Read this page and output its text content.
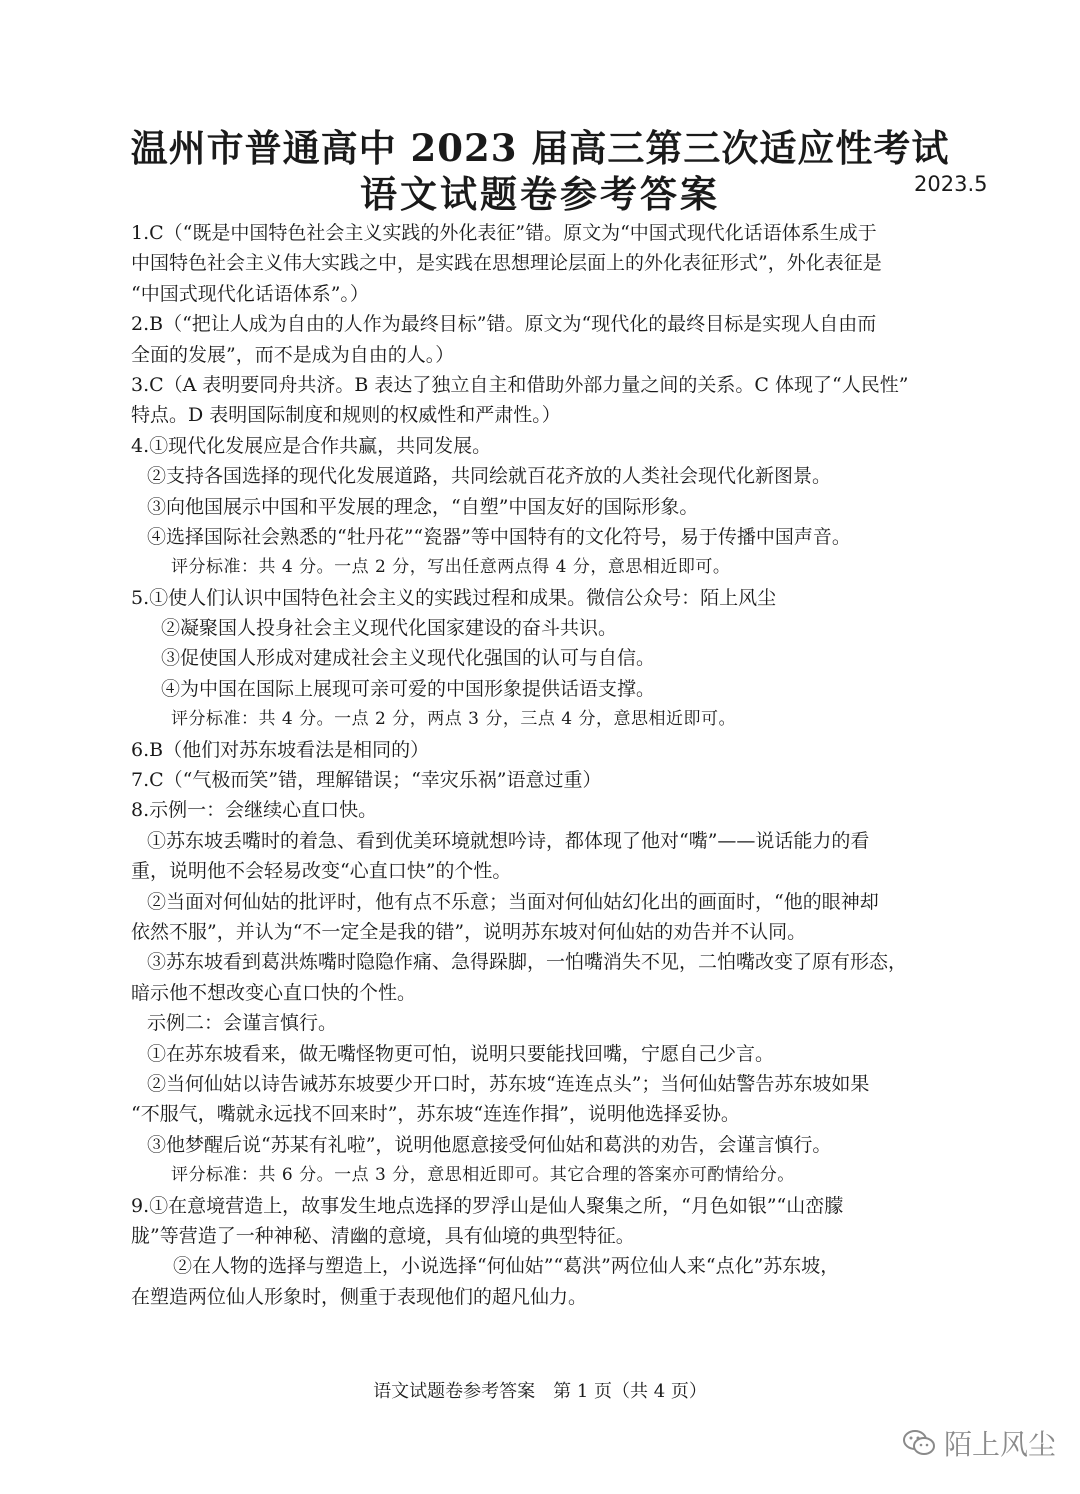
温州市普通高中 2023 届高三第三次适应性考试
语文试题卷参考答案	2023.5
1.C（“既是中国特色社会主义实践的外化表征”错。原文为“中国式现代化话语体系生成于
中国特色社会主义伟大实践之中，是实践在思想理论层面上的外化表征形式”，外化表征是
“中国式现代化话语体系”。）
2.B（“把让人成为自由的人作为最终目标”错。原文为“现代化的最终目标是实现人自由而
全面的发展”，而不是成为自由的人。）
3.C（A 表明要同舟共济。B 表达了独立自主和借助外部力量之间的关系。C 体现了“人民性”
特点。D 表明国际制度和规则的权威性和严肃性。）
4.①现代化发展应是合作共赢，共同发展。
②支持各国选择的现代化发展道路，共同绘就百花齐放的人类社会现代化新图景。
③向他国展示中国和平发展的理念，“自塑”中国友好的国际形象。
④选择国际社会熟悉的“牡丹花”“瓷器”等中国特有的文化符号，易于传播中国声音。
评分标准：共 4 分。一点 2 分，写出任意两点得 4 分，意思相近即可。
5.①使人们认识中国特色社会主义的实践过程和成果。微信公众号：陌上风尘
②凝聚国人投身社会主义现代化国家建设的奋斗共识。
③促使国人形成对建成社会主义现代化强国的认可与自信。
④为中国在国际上展现可亲可爱的中国形象提供话语支撑。
评分标准：共 4 分。一点 2 分，两点 3 分，三点 4 分，意思相近即可。
6.B（他们对苏东坡看法是相同的）
7.C（“气极而笑”错，理解错误；“幸灾乐祸”语意过重）
8.示例一：会继续心直口快。
①苏东坡丢嘴时的着急、看到优美环境就想吟诗，都体现了他对“嘴”——说话能力的看
重，说明他不会轻易改变“心直口快”的个性。
②当面对何仙姑的批评时，他有点不乐意；当面对何仙姑幻化出的画面时，“他的眼神却
依然不服”，并认为“不一定全是我的错”，说明苏东坡对何仙姑的劝告并不认同。
③苏东坡看到葛洪炼嘴时隐隐作痛、急得跺脚，一怕嘴消失不见，二怕嘴改变了原有形态，
暗示他不想改变心直口快的个性。
示例二：会谨言慎行。
①在苏东坡看来，做无嘴怪物更可怕，说明只要能找回嘴，宁愿自己少言。
②当何仙姑以诗告诫苏东坡要少开口时，苏东坡“连连点头”；当何仙姑警告苏东坡如果
“不服气，嘴就永远找不回来时”，苏东坡“连连作揖”，说明他选择妥协。
③他梦醒后说“苏某有礼啦”，说明他愿意接受何仙姑和葛洪的劝告，会谨言慎行。
评分标准：共 6 分。一点 3 分，意思相近即可。其它合理的答案亦可酌情给分。
9.①在意境营造上，故事发生地点选择的罗浮山是仙人聚集之所，“月色如银”“山峦朦
胧”等营造了一种神秘、清幽的意境，具有仙境的典型特征。
②在人物的选择与塑造上，小说选择“何仙姑”“葛洪”两位仙人来“点化”苏东坡，
在塑造两位仙人形象时，侧重于表现他们的超凡仙力。
语文试题卷参考答案　第 1 页（共 4 页）
陌上风尘
